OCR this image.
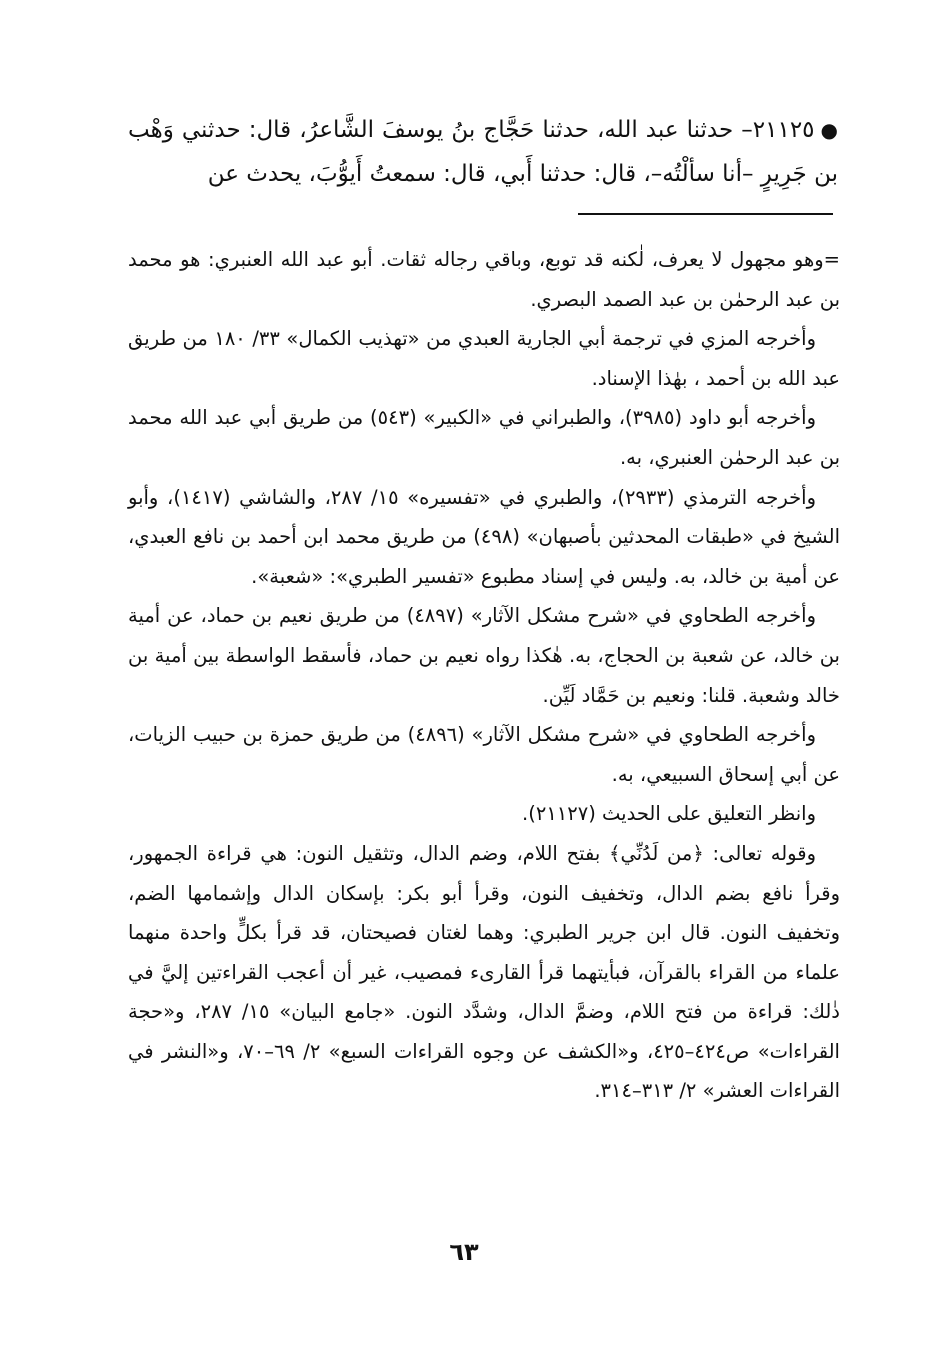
●٢١١٢٥– حدثنا عبد الله، حدثنا حَجَّاج بنُ يوسفَ الشَّاعرُ، قال: حدثني وَهْب بن جَرِيرٍ –أنا سألْتُه–، قال: حدثنا أَبي، قال: سمعتُ أَيوُّبَ، يحدث عن

=وهو مجهول لا يعرف، لٰكنه قد توبع، وباقي رجاله ثقات. أبو عبد الله العنبري: هو محمد بن عبد الرحمٰن بن عبد الصمد البصري.

وأخرجه المزي في ترجمة أبي الجارية العبدي من «تهذيب الكمال» ٣٣/ ١٨٠ من طريق عبد الله بن أحمد ، بهٰذا الإسناد.

وأخرجه أبو داود (٣٩٨٥)، والطبراني في «الكبير» (٥٤٣) من طريق أبي عبد الله محمد بن عبد الرحمٰن العنبري، به.

وأخرجه الترمذي (٢٩٣٣)، والطبري في «تفسيره» ١٥/ ٢٨٧، والشاشي (١٤١٧)، وأبو الشيخ في «طبقات المحدثين بأصبهان» (٤٩٨) من طريق محمد ابن أحمد بن نافع العبدي، عن أمية بن خالد، به. وليس في إسناد مطبوع «تفسير الطبري»: «شعبة».

وأخرجه الطحاوي في «شرح مشكل الآثار» (٤٨٩٧) من طريق نعيم بن حماد، عن أمية بن خالد، عن شعبة بن الحجاج، به. هٰكذا رواه نعيم بن حماد، فأسقط الواسطة بين أمية بن خالد وشعبة. قلنا: ونعيم بن حَمَّاد لَيِّن.

وأخرجه الطحاوي في «شرح مشكل الآثار» (٤٨٩٦) من طريق حمزة بن حبيب الزيات، عن أبي إسحاق السبيعي، به.

وانظر التعليق على الحديث (٢١١٢٧).

وقوله تعالى: ﴿من لَدُنِّي﴾ بفتح اللام، وضم الدال، وتثقيل النون: هي قراءة الجمهور، وقرأ نافع بضم الدال، وتخفيف النون، وقرأ أبو بكر: بإسكان الدال وإشمامها الضم، وتخفيف النون. قال ابن جرير الطبري: وهما لغتان فصيحتان، قد قرأ بكلٍّ واحدة منهما علماء من القراء بالقرآن، فبأيتهما قرأ القارىء فمصيب، غير أن أعجب القراءتين إليَّ في ذٰلك: قراءة من فتح اللام، وضمَّ الدال، وشدَّد النون. «جامع البيان» ١٥/ ٢٨٧، و«حجة القراءات» ص٤٢٤–٤٢٥، و«الكشف عن وجوه القراءات السبع» ٢/ ٦٩–٧٠، و«النشر في القراءات العشر» ٢/ ٣١٣–٣١٤.

٦٣
